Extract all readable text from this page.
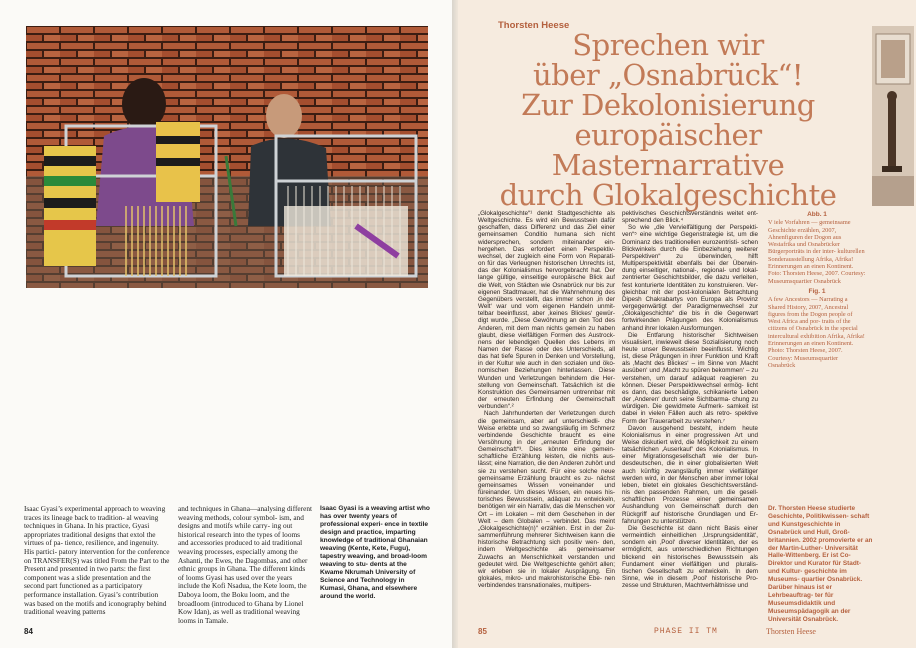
Isaac Gyasi’s experimental approach to weaving traces its lineage back to tradition- al weaving techniques in Ghana. In his practice, Gyasi appropriates traditional designs that extol the virtues of pa- tience, resilience, and ingenuity. His partici- patory intervention for the conference on TRANSFER(S) was titled From the Part to the Present and presented in two parts: the first component was a slide presentation and the second part functioned as a participatory performance installation. Gyasi’s contribution was based on the motifs and iconography behind traditional weaving patterns

and techniques in Ghana—analysing different weaving methods, colour symbol- ism, and designs and motifs while carry- ing out historical research into the types of looms and accessories produced to aid traditional weaving processes, especially among the Ashanti, the Ewes, the Dagombas, and other ethnic groups in Ghana. The different kinds of looms Gyasi has used over the years include the Kofi Nsadua, the Kete loom, the Daboya loom, the Boku loom, and the broadloom (introduced to Ghana by Lionel Kow Idan), as well as traditional weaving looms in Tamale.

Isaac Gyasi is a weaving artist who has over twenty years of professional experi- ence in textile design and practice, imparting knowledge of traditional Ghanaian weaving (Kente, Kete, Fugu), tapestry weaving, and broad-loom weaving to stu- dents at the Kwame Nkrumah University of Science and Technology in Kumasi, Ghana, and elsewhere around the world.

84
Thorsten Heese
Sprechen wir
über „Osnabrück“!
Zur Dekolonisierung
europäischer
Masternarrative
durch Glokalgeschichte

„Glokalgeschichte“¹ denkt Stadtgeschichte als Weltgeschichte. Es wird ein Bewusstsein dafür geschaffen, dass Differenz und das Ziel einer gemeinsamen Conditio humana sich nicht widersprechen, sondern miteinander ein- hergehen. Das erfordert einen Perspektiv- wechsel, der zugleich eine Form von Reparati- on für das Verleugnen historischen Unrechts ist, das der Kolonialismus hervorgebracht hat. Der lange gültige, einseitige europäische Blick auf die Welt, von Städten wie Osnabrück nur bis zur eigenen Stadtmauer, hat die Wahrnehmung des Gegenübers verstellt, das immer schon ‚in der Welt‘ war und vom eigenen Handeln unmit- telbar beeinflusst, aber ‚keines Blickes‘ gewür- digt wurde. „Diese Gewöhnung an den Tod des Anderen, mit dem man nichts gemein zu haben glaubt, diese vielfältigen Formen des Austrock- nens der lebendigen Quellen des Lebens im Namen der Rasse oder des Unterschieds, all das hat tiefe Spuren in Denken und Vorstellung, in der Kultur wie auch in den sozialen und öko- nomischen Beziehungen hinterlassen. Diese Wunden und Verletzungen behindern die Her- stellung von Gemeinschaft. Tatsächlich ist die Konstruktion des Gemeinsamen untrennbar mit der erneuten Erfindung der Gemeinschaft verbunden“.²

Nach Jahrhunderten der Verletzungen durch die gemeinsam, aber auf unterschiedli- che Weise erlebte und so zwangsläufig im Schmerz verbindende Geschichte braucht es eine Versöhnung in der „erneuten Erfindung der Gemeinschaft“³. Dies könnte eine gemein- schaftliche Erzählung leisten, die nichts aus- lässt; eine Narration, die den Anderen zuhört und sie zu verstehen sucht. Für eine solche neue gemeinsame Erzählung braucht es zu- nächst gemeinsames Wissen voneinander und füreinander. Um dieses Wissen, ein neues his- torisches Bewusstsein, adäquat zu entwickeln, benötigen wir ein Narrativ, das die Menschen vor Ort – im Lokalen – mit dem Geschehen in der Welt – dem Globalen – verbindet. Das meint „Glokalgeschichte(n)“ erzählen. Erst in der Zu- sammenführung mehrerer Sichtweisen kann die historische Betrachtung sich positiv wen- den, indem Weltgeschichte als gemeinsamer Zuwachs an Menschlichkeit verstanden und gedeutet wird. Die Weltgeschichte gehört allen; wir erleben sie in lokaler Ausprägung. Ein glokales, mikro- und makrohistorische Ebe- nen verbindendes transnationales, multipers-

pektivisches Geschichtsverständnis weitet ent- sprechend den Blick.⁴

So wie „die Vervielfältigung der Perspekti- ven“⁵ eine wichtige Gegenstrategie ist, um die Dominanz des traditionellen eurozentristi- schen Blickwinkels durch die Einbeziehung weiterer Perspektiven“ zu überwinden, hilft Multiperspektivität ebenfalls bei der Überwin- dung einseitiger, national-, regional- und lokal- zentrierter Geschichtsbilder, die dazu verleiten, fest konturierte Identitäten zu konstruieren. Ver- gleichbar mit der post-kolonialen Betrachtung Dipesh Chakrabartys von Europa als Provinz vergegenwärtigt der Paradigmenwechsel zur „Glokalgeschichte“ die bis in die Gegenwart fortwirkenden Prägungen des Kolonialismus anhand ihrer lokalen Ausformungen.

Die Entfarung historischer Sichtweisen visualisiert, inwieweit diese Sozialisierung noch heute unser Bewusstsein beeinflusst. Wichtig ist, diese Prägungen in ihrer Funktion und Kraft als ‚Macht des Blickes‘ – im Sinne von ‚Macht ausüben‘ und ‚Macht zu spüren bekommen‘ – zu verstehen, um darauf adäquat reagieren zu können. Dieser Perspektivwechsel ermög- licht es dann, das beschädigte, schikanierte Leben der ‚Anderen‘ durch seine Sichtbarma- chung zu würdigen. Die gewidmete Aufmerk- samkeit ist dabei in vielen Fällen auch als retro- spektive Form der Trauerarbeit zu verstehen.⁷

Davon ausgehend besteht, indem heute Kolonialismus in einer progressiven Art und Weise diskutiert wird, die Möglichkeit zu einem tatsächlichen ‚Auserkauf‘ des Kolonialismus. In einer Migrationsgesellschaft wie der bun- desdeutschen, die in einer globalisierten Welt auch künftig zwangsläufig immer vielfältiger werden wird, in der Menschen aber immer lokal leben, bietet ein glokales Geschichtsverständ- nis den passenden Rahmen, um die gesell- schaftlichen Prozesse einer gemeinsamen Aushandlung von Gemeinschaft durch den Rückgriff auf historische Grundlagen und Er- fahrungen zu unterstützen.

Die Geschichte ist dann nicht Basis einer vermeintlich einheitlichen ‚Ursprungsidentität‘, sondern ein ‚Pool‘ diverser Identitäten, der es ermöglicht, aus unterschiedlichen Richtungen blickend ein historisches Bewusstsein als Fundament einer vielfältigen und pluralis- tischen Gesellschaft zu entwickeln. In dem Sinne, wie in diesem ‚Pool‘ historische Pro- zesse und Strukturen, Machtverhältnisse und

Abb. 1

V iele Vorfahren — gemeinsame Geschichte erzählen, 2007, Ahnenfiguren der Dogon aus Westafrika und Osnabrücker Bürgerporträts in der inter- kulturellen Sonderausstellung Afrika, Afrika! Erinnerungen an einen Kontinent. Foto: Thorsten Heese, 2007. Courtesy: Museumsquartier Osnabrück

Fig. 1

A few Ancestors — Narrating a Shared History, 2007, Ancestral figures from the Dogon people of West Africa and por- traits of the citizens of Osnabrück in the special intercultural exhibition Afrika, Afrika! Erinnerungen an einen Kontinent. Photo: Thorsten Heese, 2007. Courtesy: Museumsquartier Osnabrück

Dr. Thorsten Heese studierte Geschichte, Politikwissen- schaft und Kunstgeschichte in Osnabrück und Hull, Groß- britannien. 2002 promovierte er an der Martin-Luther- Universität Halle-Wittenberg. Er ist Co-Direktor und Kurator für Stadt- und Kultur- geschichte im Museums- quartier Osnabrück. Darüber hinaus ist er Lehrbeauftrag- ter für Museumsdidaktik und Museumspädagogik an der Universität Osnabrück.
85	PHASE II TM	Thorsten Heese
